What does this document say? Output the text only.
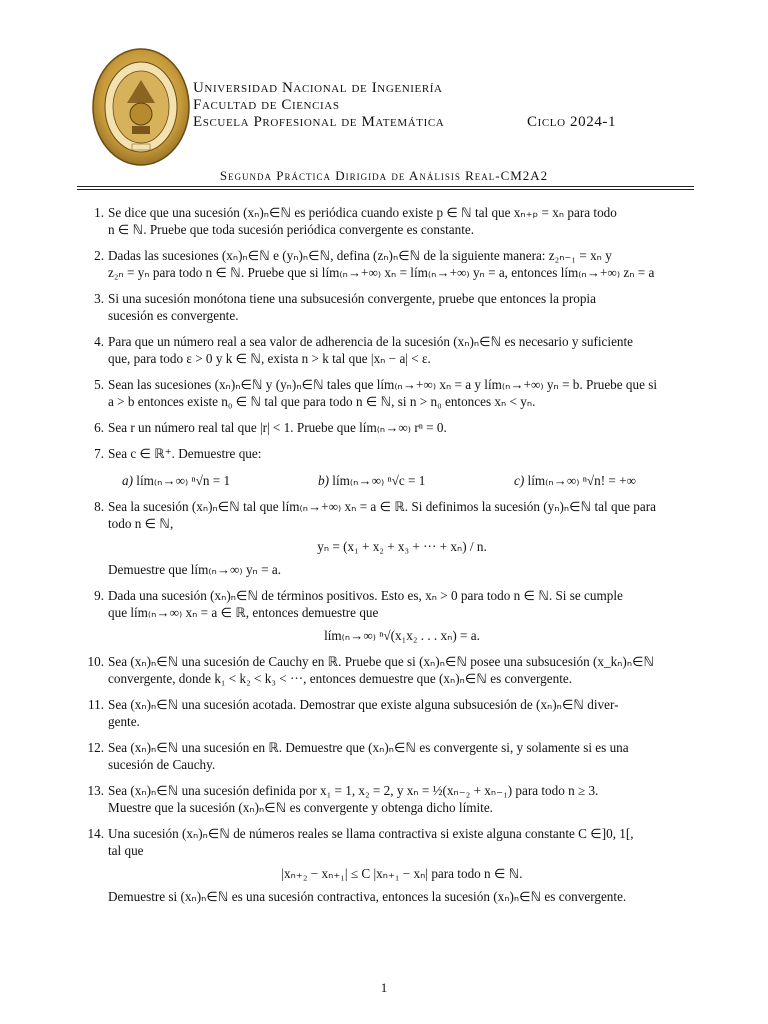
Universidad Nacional de Ingeniería
Facultad de Ciencias
Escuela Profesional de Matemática	Ciclo 2024-1
Segunda Práctica Dirigida de Análisis Real-CM2A2
1. Se dice que una sucesión (xₙ)ₙ∈ℕ es periódica cuando existe p ∈ ℕ tal que xₙ₊ₚ = xₙ para todo
n ∈ ℕ. Pruebe que toda sucesión periódica convergente es constante.
2. Dadas las sucesiones (xₙ)ₙ∈ℕ e (yₙ)ₙ∈ℕ, defina (zₙ)ₙ∈ℕ de la siguiente manera: z₂ₙ₋₁ = xₙ y
z₂ₙ = yₙ para todo n ∈ ℕ. Pruebe que si lím₍ₙ→+∞₎ xₙ = lím₍ₙ→+∞₎ yₙ = a, entonces lím₍ₙ→+∞₎ zₙ = a
3. Si una sucesión monótona tiene una subsucesión convergente, pruebe que entonces la propia
sucesión es convergente.
4. Para que un número real a sea valor de adherencia de la sucesión (xₙ)ₙ∈ℕ es necesario y suficiente
que, para todo ε > 0 y k ∈ ℕ, exista n > k tal que |xₙ − a| < ε.
5. Sean las sucesiones (xₙ)ₙ∈ℕ y (yₙ)ₙ∈ℕ tales que lím₍ₙ→+∞₎ xₙ = a y lím₍ₙ→+∞₎ yₙ = b. Pruebe que si
a > b entonces existe n₀ ∈ ℕ tal que para todo n ∈ ℕ, si n > n₀ entonces xₙ < yₙ.
6. Sea r un número real tal que |r| < 1. Pruebe que lím₍ₙ→∞₎ rⁿ = 0.
7. Sea c ∈ ℝ⁺. Demuestre que:
a) lím₍ₙ→∞₎ ⁿ√n = 1	b) lím₍ₙ→∞₎ ⁿ√c = 1	c) lím₍ₙ→∞₎ ⁿ√n! = +∞
8. Sea la sucesión (xₙ)ₙ∈ℕ tal que lím₍ₙ→+∞₎ xₙ = a ∈ ℝ. Si definimos la sucesión (yₙ)ₙ∈ℕ tal que para
todo n ∈ ℕ,
yₙ = (x₁ + x₂ + x₃ + ··· + xₙ) / n.
Demuestre que lím₍ₙ→∞₎ yₙ = a.
9. Dada una sucesión (xₙ)ₙ∈ℕ de términos positivos. Esto es, xₙ > 0 para todo n ∈ ℕ. Si se cumple
que lím₍ₙ→∞₎ xₙ = a ∈ ℝ, entonces demuestre que
lím₍ₙ→∞₎ ⁿ√(x₁x₂ . . . xₙ) = a.
10. Sea (xₙ)ₙ∈ℕ una sucesión de Cauchy en ℝ. Pruebe que si (xₙ)ₙ∈ℕ posee una subsucesión (x_kₙ)ₙ∈ℕ
convergente, donde k₁ < k₂ < k₃ < ···, entonces demuestre que (xₙ)ₙ∈ℕ es convergente.
11. Sea (xₙ)ₙ∈ℕ una sucesión acotada. Demostrar que existe alguna subsucesión de (xₙ)ₙ∈ℕ diver-
gente.
12. Sea (xₙ)ₙ∈ℕ una sucesión en ℝ. Demuestre que (xₙ)ₙ∈ℕ es convergente si, y solamente si es una
sucesión de Cauchy.
13. Sea (xₙ)ₙ∈ℕ una sucesión definida por x₁ = 1, x₂ = 2, y xₙ = ½(xₙ₋₂ + xₙ₋₁) para todo n ≥ 3.
Muestre que la sucesión (xₙ)ₙ∈ℕ es convergente y obtenga dicho límite.
14. Una sucesión (xₙ)ₙ∈ℕ de números reales se llama contractiva si existe alguna constante C ∈]0, 1[,
tal que
|xₙ₊₂ − xₙ₊₁| ≤ C |xₙ₊₁ − xₙ| para todo n ∈ ℕ.
Demuestre si (xₙ)ₙ∈ℕ es una sucesión contractiva, entonces la sucesión (xₙ)ₙ∈ℕ es convergente.
1
